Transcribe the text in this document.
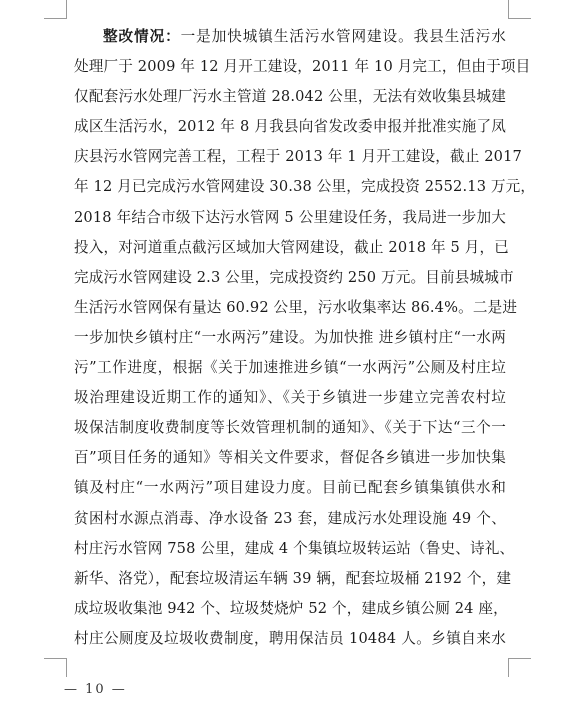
整改情况：一是加快城镇生活污水管网建设。我县生活污水
处理厂于 2009 年 12 月开工建设，2011 年 10 月完工，但由于项目
仅配套污水处理厂污水主管道 28.042 公里，无法有效收集县城建
成区生活污水，2012 年 8 月我县向省发改委申报并批准实施了凤
庆县污水管网完善工程，工程于 2013 年 1 月开工建设，截止 2017
年 12 月已完成污水管网建设 30.38 公里，完成投资 2552.13 万元，
2018 年结合市级下达污水管网 5 公里建设任务，我局进一步加大
投入，对河道重点截污区域加大管网建设，截止 2018 年 5 月，已
完成污水管网建设 2.3 公里，完成投资约 250 万元。目前县城城市
生活污水管网保有量达 60.92 公里，污水收集率达 86.4%。二是进
一步加快乡镇村庄“一水两污”建设。为加快推 进乡镇村庄“一水两
污”工作进度，根据《关于加速推进乡镇“一水两污”公厕及村庄垃
圾治理建设近期工作的通知》、《关于乡镇进一步建立完善农村垃
圾保洁制度收费制度等长效管理机制的通知》、《关于下达“三个一
百”项目任务的通知》等相关文件要求，督促各乡镇进一步加快集
镇及村庄“一水两污”项目建设力度。目前已配套乡镇集镇供水和
贫困村水源点消毒、净水设备 23 套，建成污水处理设施 49 个、
村庄污水管网 758 公里，建成 4 个集镇垃圾转运站（鲁史、诗礼、
新华、洛党），配套垃圾清运车辆 39 辆，配套垃圾桶 2192 个，建
成垃圾收集池 942 个、垃圾焚烧炉 52 个，建成乡镇公厕 24 座，
村庄公厕度及垃圾收费制度，聘用保洁员 10484 人。乡镇自来水
— 10 —
